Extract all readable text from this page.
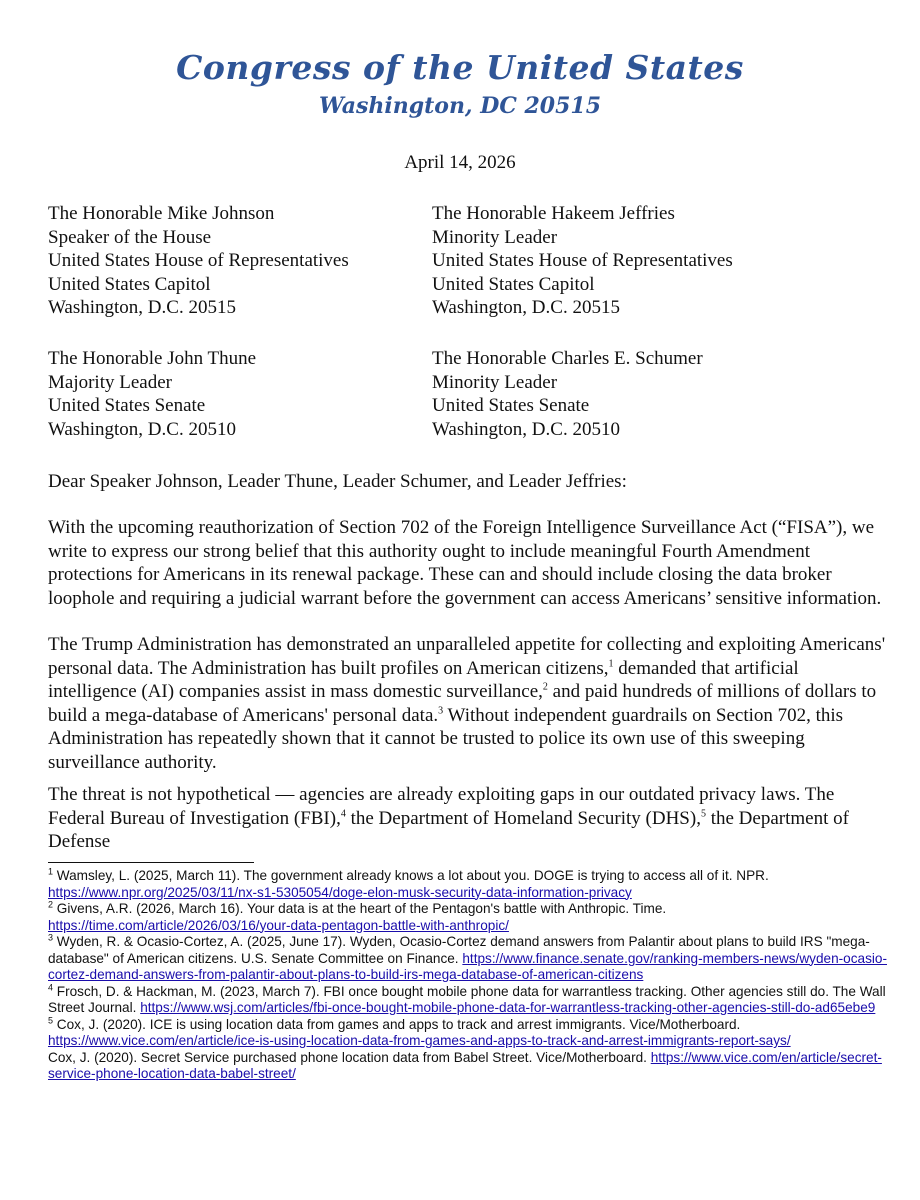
Congress of the United States
Washington, DC 20515
April 14, 2026
The Honorable Mike Johnson
Speaker of the House
United States House of Representatives
United States Capitol
Washington, D.C. 20515
The Honorable Hakeem Jeffries
Minority Leader
United States House of Representatives
United States Capitol
Washington, D.C. 20515
The Honorable John Thune
Majority Leader
United States Senate
Washington, D.C. 20510
The Honorable Charles E. Schumer
Minority Leader
United States Senate
Washington, D.C. 20510
Dear Speaker Johnson, Leader Thune, Leader Schumer, and Leader Jeffries:

With the upcoming reauthorization of Section 702 of the Foreign Intelligence Surveillance Act (“FISA”), we write to express our strong belief that this authority ought to include meaningful Fourth Amendment protections for Americans in its renewal package. These can and should include closing the data broker loophole and requiring a judicial warrant before the government can access Americans’ sensitive information.

The Trump Administration has demonstrated an unparalleled appetite for collecting and exploiting Americans' personal data. The Administration has built profiles on American citizens,$^1$ demanded that artificial intelligence (AI) companies assist in mass domestic surveillance,$^2$ and paid hundreds of millions of dollars to build a mega-database of Americans' personal data.$^3$ Without independent guardrails on Section 702, this Administration has repeatedly shown that it cannot be trusted to police its own use of this sweeping surveillance authority.

The threat is not hypothetical — agencies are already exploiting gaps in our outdated privacy laws. The Federal Bureau of Investigation (FBI),$^4$ the Department of Homeland Security (DHS),$^5$ the Department of Defense

$^1$ Wamsley, L. (2025, March 11). The government already knows a lot about you. DOGE is trying to access all of it. NPR. https://www.npr.org/2025/03/11/nx-s1-5305054/doge-elon-musk-security-data-information-privacy
$^2$ Givens, A.R. (2026, March 16). Your data is at the heart of the Pentagon's battle with Anthropic. Time. https://time.com/article/2026/03/16/your-data-pentagon-battle-with-anthropic/
$^3$ Wyden, R. & Ocasio-Cortez, A. (2025, June 17). Wyden, Ocasio-Cortez demand answers from Palantir about plans to build IRS "mega-database" of American citizens. U.S. Senate Committee on Finance. https://www.finance.senate.gov/ranking-members-news/wyden-ocasio-cortez-demand-answers-from-palantir-about-plans-to-build-irs-mega-database-of-american-citizens
$^4$ Frosch, D. & Hackman, M. (2023, March 7). FBI once bought mobile phone data for warrantless tracking. Other agencies still do. The Wall Street Journal. https://www.wsj.com/articles/fbi-once-bought-mobile-phone-data-for-warrantless-tracking-other-agencies-still-do-ad65ebe9
$^5$ Cox, J. (2020). ICE is using location data from games and apps to track and arrest immigrants. Vice/Motherboard. https://www.vice.com/en/article/ice-is-using-location-data-from-games-and-apps-to-track-and-arrest-immigrants-report-says/
Cox, J. (2020). Secret Service purchased phone location data from Babel Street. Vice/Motherboard. https://www.vice.com/en/article/secret-service-phone-location-data-babel-street/
